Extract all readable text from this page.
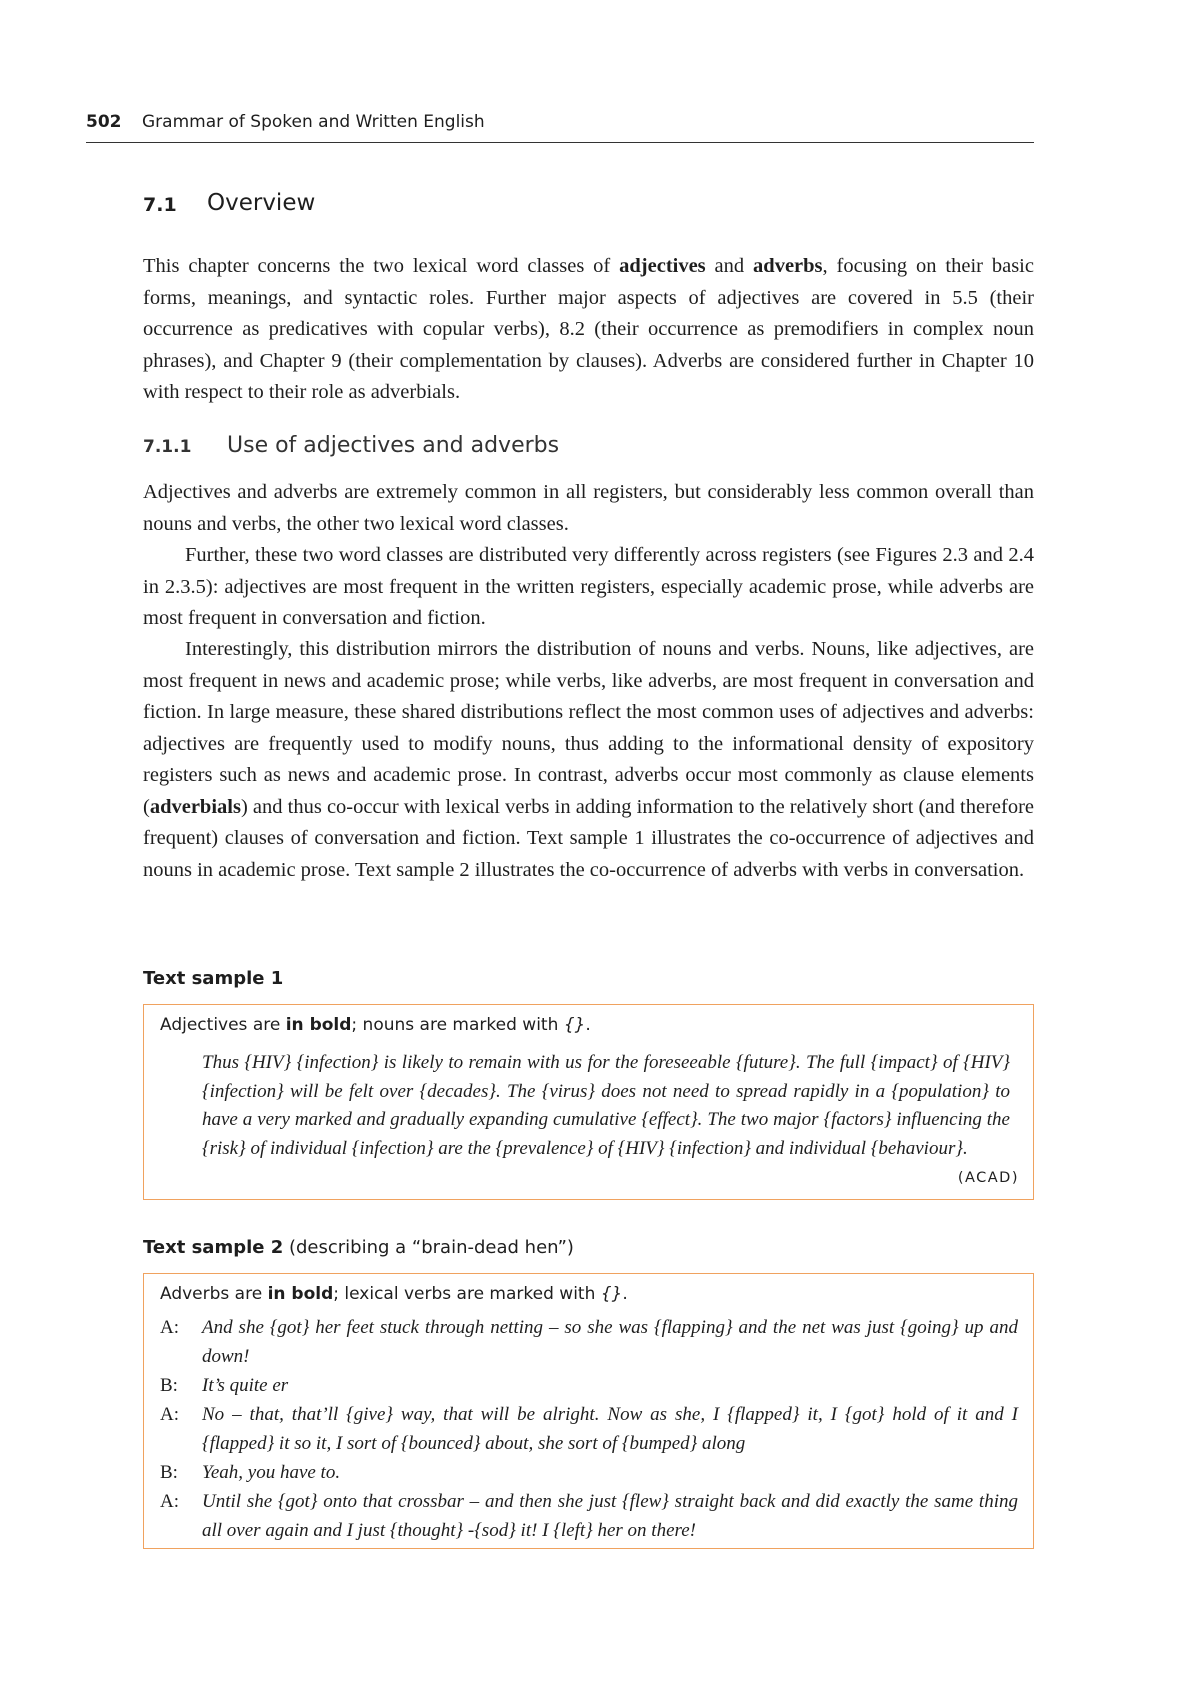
502 Grammar of Spoken and Written English
7.1 Overview

This chapter concerns the two lexical word classes of adjectives and adverbs, focusing on their basic forms, meanings, and syntactic roles. Further major aspects of adjectives are covered in 5.5 (their occurrence as predicatives with copular verbs), 8.2 (their occurrence as premodifiers in complex noun phrases), and Chapter 9 (their complementation by clauses). Adverbs are considered further in Chapter 10 with respect to their role as adverbials.

7.1.1 Use of adjectives and adverbs

Adjectives and adverbs are extremely common in all registers, but considerably less common overall than nouns and verbs, the other two lexical word classes.

Further, these two word classes are distributed very differently across registers (see Figures 2.3 and 2.4 in 2.3.5): adjectives are most frequent in the written registers, especially academic prose, while adverbs are most frequent in conversation and fiction.

Interestingly, this distribution mirrors the distribution of nouns and verbs. Nouns, like adjectives, are most frequent in news and academic prose; while verbs, like adverbs, are most frequent in conversation and fiction. In large measure, these shared distributions reflect the most common uses of adjectives and adverbs: adjectives are frequently used to modify nouns, thus adding to the informational density of expository registers such as news and academic prose. In contrast, adverbs occur most commonly as clause elements (adverbials) and thus co-occur with lexical verbs in adding information to the relatively short (and therefore frequent) clauses of conversation and fiction. Text sample 1 illustrates the co-occurrence of adjectives and nouns in academic prose. Text sample 2 illustrates the co-occurrence of adverbs with verbs in conversation.

Text sample 1
Adjectives are in bold; nouns are marked with {}.

Thus {HIV} {infection} is likely to remain with us for the foreseeable {future}. The full {impact} of {HIV} {infection} will be felt over {decades}. The {virus} does not need to spread rapidly in a {population} to have a very marked and gradually expanding cumulative {effect}. The two major {factors} influencing the {risk} of individual {infection} are the {prevalence} of {HIV} {infection} and individual {behaviour}.

(ACAD)
Text sample 2 (describing a “brain-dead hen”)
Adverbs are in bold; lexical verbs are marked with {}.
A: And she {got} her feet stuck through netting – so she was {flapping} and the net was just {going} up and down!
B: It’s quite er
A: No – that, that’ll {give} way, that will be alright. Now as she, I {flapped} it, I {got} hold of it and I {flapped} it so it, I sort of {bounced} about, she sort of {bumped} along
B: Yeah, you have to.
A: Until she {got} onto that crossbar – and then she just {flew} straight back and did exactly the same thing all over again and I just {thought} -{sod} it! I {left} her on there!
